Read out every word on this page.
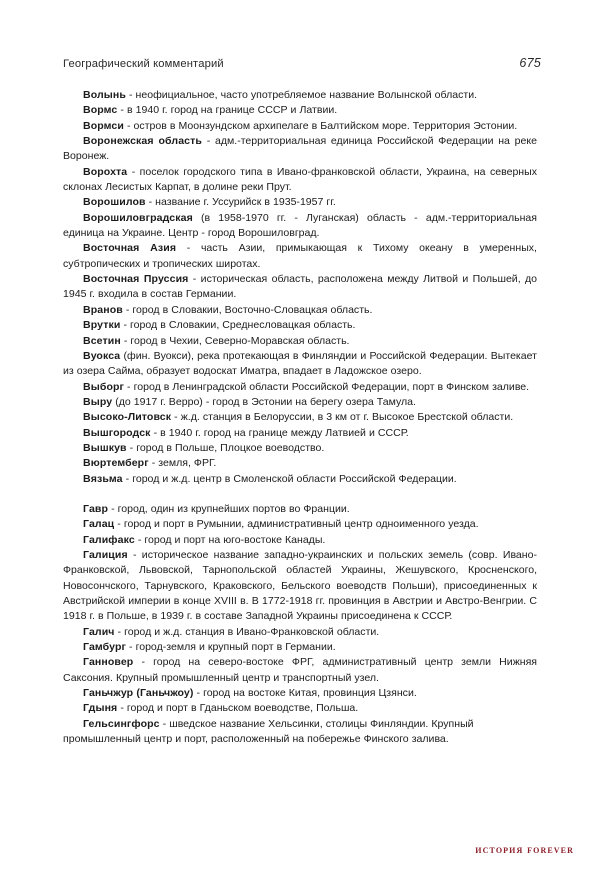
Географический комментарий	675

Волынь - неофициальное, часто употребляемое название Волынской области.

Вормс - в 1940 г. город на границе СССР и Латвии.

Вормси - остров в Моонзундском архипелаге в Балтийском море. Территория Эстонии.

Воронежская область - адм.-территориальная единица Российской Федерации на реке Воронеж.

Ворохта - поселок городского типа в Ивано-франковской области, Украина, на северных склонах Лесистых Карпат, в долине реки Прут.

Ворошилов - название г. Уссурийск в 1935-1957 гг.

Ворошиловградская (в 1958-1970 гг. - Луганская) область - адм.-территориальная единица на Украине. Центр - город Ворошиловград.

Восточная Азия - часть Азии, примыкающая к Тихому океану в умеренных, субтропических и тропических широтах.

Восточная Пруссия - историческая область, расположена между Литвой и Польшей, до 1945 г. входила в состав Германии.

Вранов - город в Словакии, Восточно-Словацкая область.

Врутки - город в Словакии, Среднесловацкая область.

Всетин - город в Чехии, Северно-Моравская область.

Вуокса (фин. Вуокси), река протекающая в Финляндии и Российской Федерации. Вытекает из озера Сайма, образует водоскат Иматра, впадает в Ладожское озеро.

Выборг - город в Ленинградской области Российской Федерации, порт в Финском заливе.

Выру (до 1917 г. Верро) - город в Эстонии на берегу озера Тамула.

Высоко-Литовск - ж.д. станция в Белоруссии, в 3 км от г. Высокое Брестской области.

Вышгородск - в 1940 г. город на границе между Латвией и СССР.

Вышкув - город в Польше, Плоцкое воеводство.

Вюртемберг - земля, ФРГ.

Вязьма - город и ж.д. центр в Смоленской области Российской Федерации.

Гавр - город, один из крупнейших портов во Франции.

Галац - город и порт в Румынии, административный центр одноименного уезда.

Галифакс - город и порт на юго-востоке Канады.

Галиция - историческое название западно-украинских и польских земель (совр. Ивано-Франковской, Львовской, Тарнопольской областей Украины, Жешувского, Кросненского, Новосончского, Тарнувского, Краковского, Бельского воеводств Польши), присоединенных к Австрийской империи в конце XVIII в. В 1772-1918 гг. провинция в Австрии и Австро-Венгрии. С 1918 г. в Польше, в 1939 г. в составе Западной Украины присоединена к СССР.

Галич - город и ж.д. станция в Ивано-Франковской области.

Гамбург - город-земля и крупный порт в Германии.

Ганновер - город на северо-востоке ФРГ, административный центр земли Нижняя Саксония. Крупный промышленный центр и транспортный узел.

Ганьчжур (Ганьчжоу) - город на востоке Китая, провинция Цзянси.

Гдыня - город и порт в Гданьском воеводстве, Польша.

Гельсингфорс - шведское название Хельсинки, столицы Финляндии. Крупный промышленный центр и порт, расположенный на побережье Финского залива.

история forever
